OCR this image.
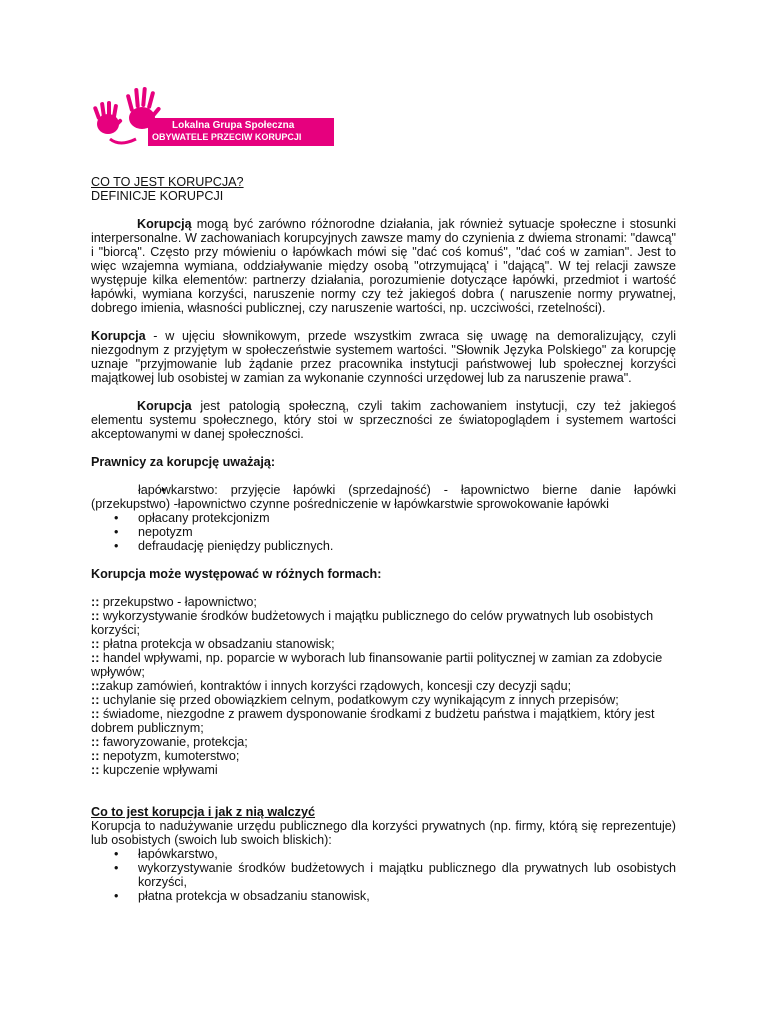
Lokalna Grupa Społeczna
OBYWATELE PRZECIW KORUPCJI

CO TO JEST KORUPCJA?

DEFINICJE KORUPCJI

Korupcją mogą być zarówno różnorodne działania, jak również sytuacje społeczne i stosunki interpersonalne. W zachowaniach korupcyjnych zawsze mamy do czynienia z dwiema stronami: "dawcą" i "biorcą". Często przy mówieniu o łapówkach mówi się "dać coś komuś", "dać coś w zamian". Jest to więc wzajemna wymiana, oddziaływanie między osobą "otrzymującą' i "dającą". W tej relacji zawsze występuje kilka elementów: partnerzy działania, porozumienie dotyczące łapówki, przedmiot i wartość łapówki, wymiana korzyści, naruszenie normy czy też jakiegoś dobra ( naruszenie normy prywatnej, dobrego imienia, własności publicznej, czy naruszenie wartości, np. uczciwości, rzetelności).

Korupcja - w ujęciu słownikowym, przede wszystkim zwraca się uwagę na demoralizujący, czyli niezgodnym z przyjętym w społeczeństwie systemem wartości. "Słownik Języka Polskiego" za korupcję uznaje "przyjmowanie lub żądanie przez pracownika instytucji państwowej lub społecznej korzyści majątkowej lub osobistej w zamian za wykonanie czynności urzędowej lub za naruszenie prawa".

Korupcja jest patologią społeczną, czyli takim zachowaniem instytucji, czy też jakiegoś elementu systemu społecznego, który stoi w sprzeczności ze światopoglądem i systemem wartości akceptowanymi w danej społeczności.

Prawnicy za korupcję uważają:

• łapówkarstwo: przyjęcie łapówki (sprzedajność) - łapownictwo bierne danie łapówki (przekupstwo) -łapownictwo czynne pośredniczenie w łapówkarstwie sprowokowanie łapówki
• opłacany protekcjonizm
• nepotyzm
• defraudację pieniędzy publicznych.

Korupcja może występować w różnych formach:

:: przekupstwo - łapownictwo;

:: wykorzystywanie środków budżetowych i majątku publicznego do celów prywatnych lub osobistych korzyści;

:: płatna protekcja w obsadzaniu stanowisk;

:: handel wpływami, np. poparcie w wyborach lub finansowanie partii politycznej w zamian za zdobycie wpływów;

::zakup zamówień, kontraktów i innych korzyści rządowych, koncesji czy decyzji sądu;

:: uchylanie się przed obowiązkiem celnym, podatkowym czy wynikającym z innych przepisów;

:: świadome, niezgodne z prawem dysponowanie środkami z budżetu państwa i majątkiem, który jest dobrem publicznym;

:: faworyzowanie, protekcja;

:: nepotyzm, kumoterstwo;

:: kupczenie wpływami

Co to jest korupcja i jak z nią walczyć

Korupcja to nadużywanie urzędu publicznego dla korzyści prywatnych (np. firmy, którą się reprezentuje) lub osobistych (swoich lub swoich bliskich):

• łapówkarstwo,
• wykorzystywanie środków budżetowych i majątku publicznego dla prywatnych lub osobistych korzyści,
• płatna protekcja w obsadzaniu stanowisk,
